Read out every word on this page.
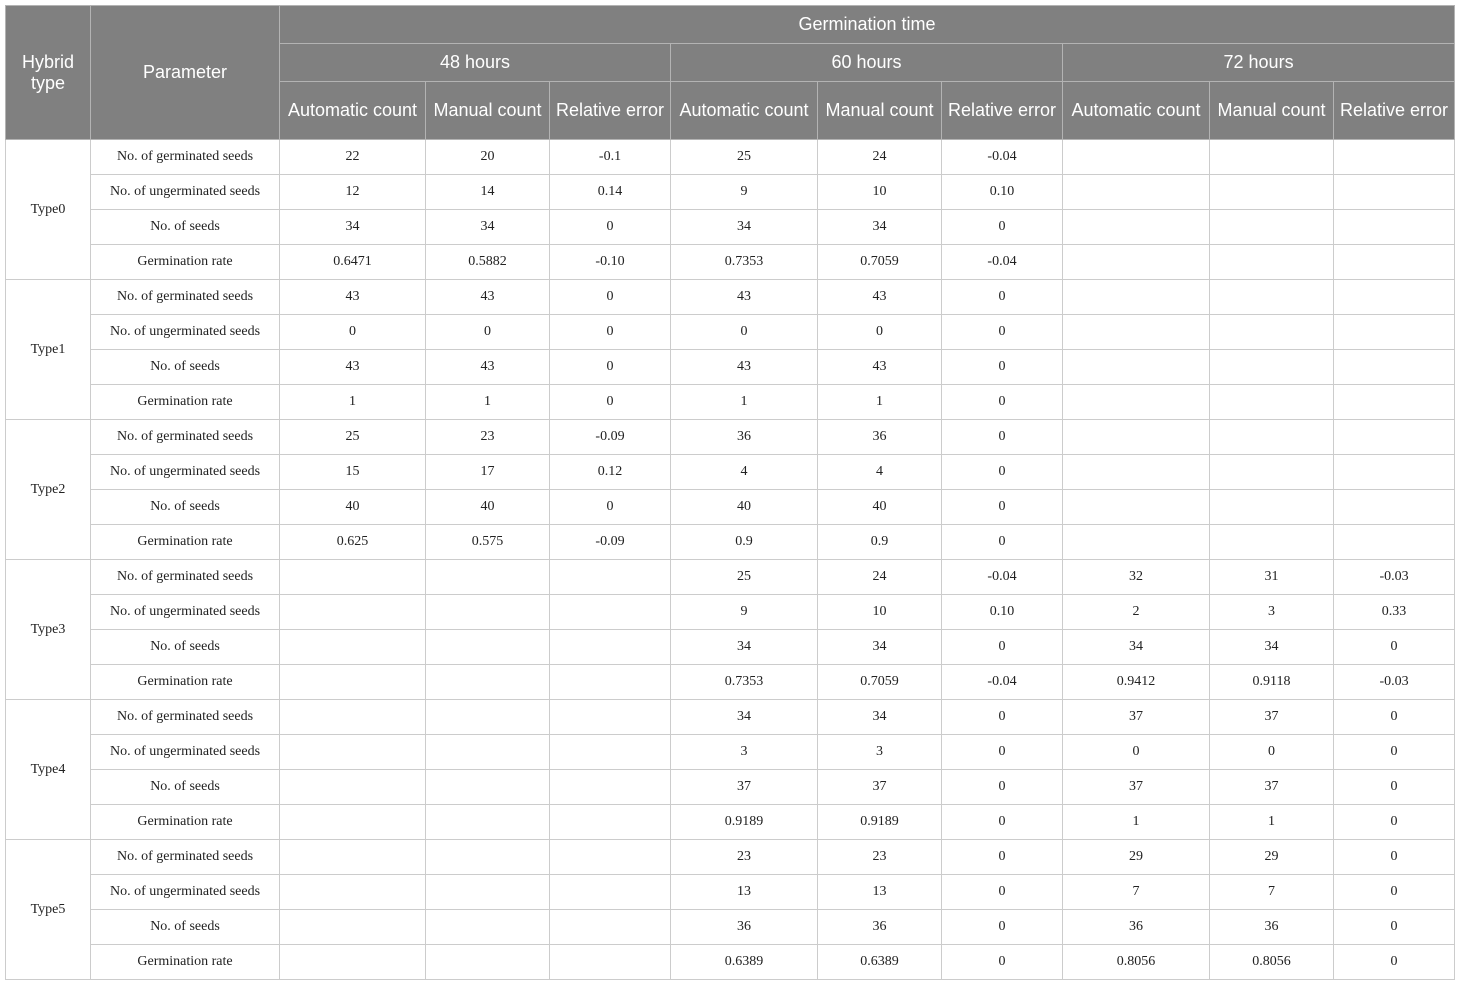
Hybrid type	Parameter	Germination time								
		48 hours			60 hours			72 hours		
		Automatic count	Manual count	Relative error	Automatic count	Manual count	Relative error	Automatic count	Manual count	Relative error
Type0	No. of germinated seeds	22	20	-0.1	25	24	-0.04			
	No. of ungerminated seeds	12	14	0.14	9	10	0.10			
	No. of seeds	34	34	0	34	34	0			
	Germination rate	0.6471	0.5882	-0.10	0.7353	0.7059	-0.04			
Type1	No. of germinated seeds	43	43	0	43	43	0			
	No. of ungerminated seeds	0	0	0	0	0	0			
	No. of seeds	43	43	0	43	43	0			
	Germination rate	1	1	0	1	1	0			
Type2	No. of germinated seeds	25	23	-0.09	36	36	0			
	No. of ungerminated seeds	15	17	0.12	4	4	0			
	No. of seeds	40	40	0	40	40	0			
	Germination rate	0.625	0.575	-0.09	0.9	0.9	0			
Type3	No. of germinated seeds				25	24	-0.04	32	31	-0.03
	No. of ungerminated seeds				9	10	0.10	2	3	0.33
	No. of seeds				34	34	0	34	34	0
	Germination rate				0.7353	0.7059	-0.04	0.9412	0.9118	-0.03
Type4	No. of germinated seeds				34	34	0	37	37	0
	No. of ungerminated seeds				3	3	0	0	0	0
	No. of seeds				37	37	0	37	37	0
	Germination rate				0.9189	0.9189	0	1	1	0
Type5	No. of germinated seeds				23	23	0	29	29	0
	No. of ungerminated seeds				13	13	0	7	7	0
	No. of seeds				36	36	0	36	36	0
	Germination rate				0.6389	0.6389	0	0.8056	0.8056	0
